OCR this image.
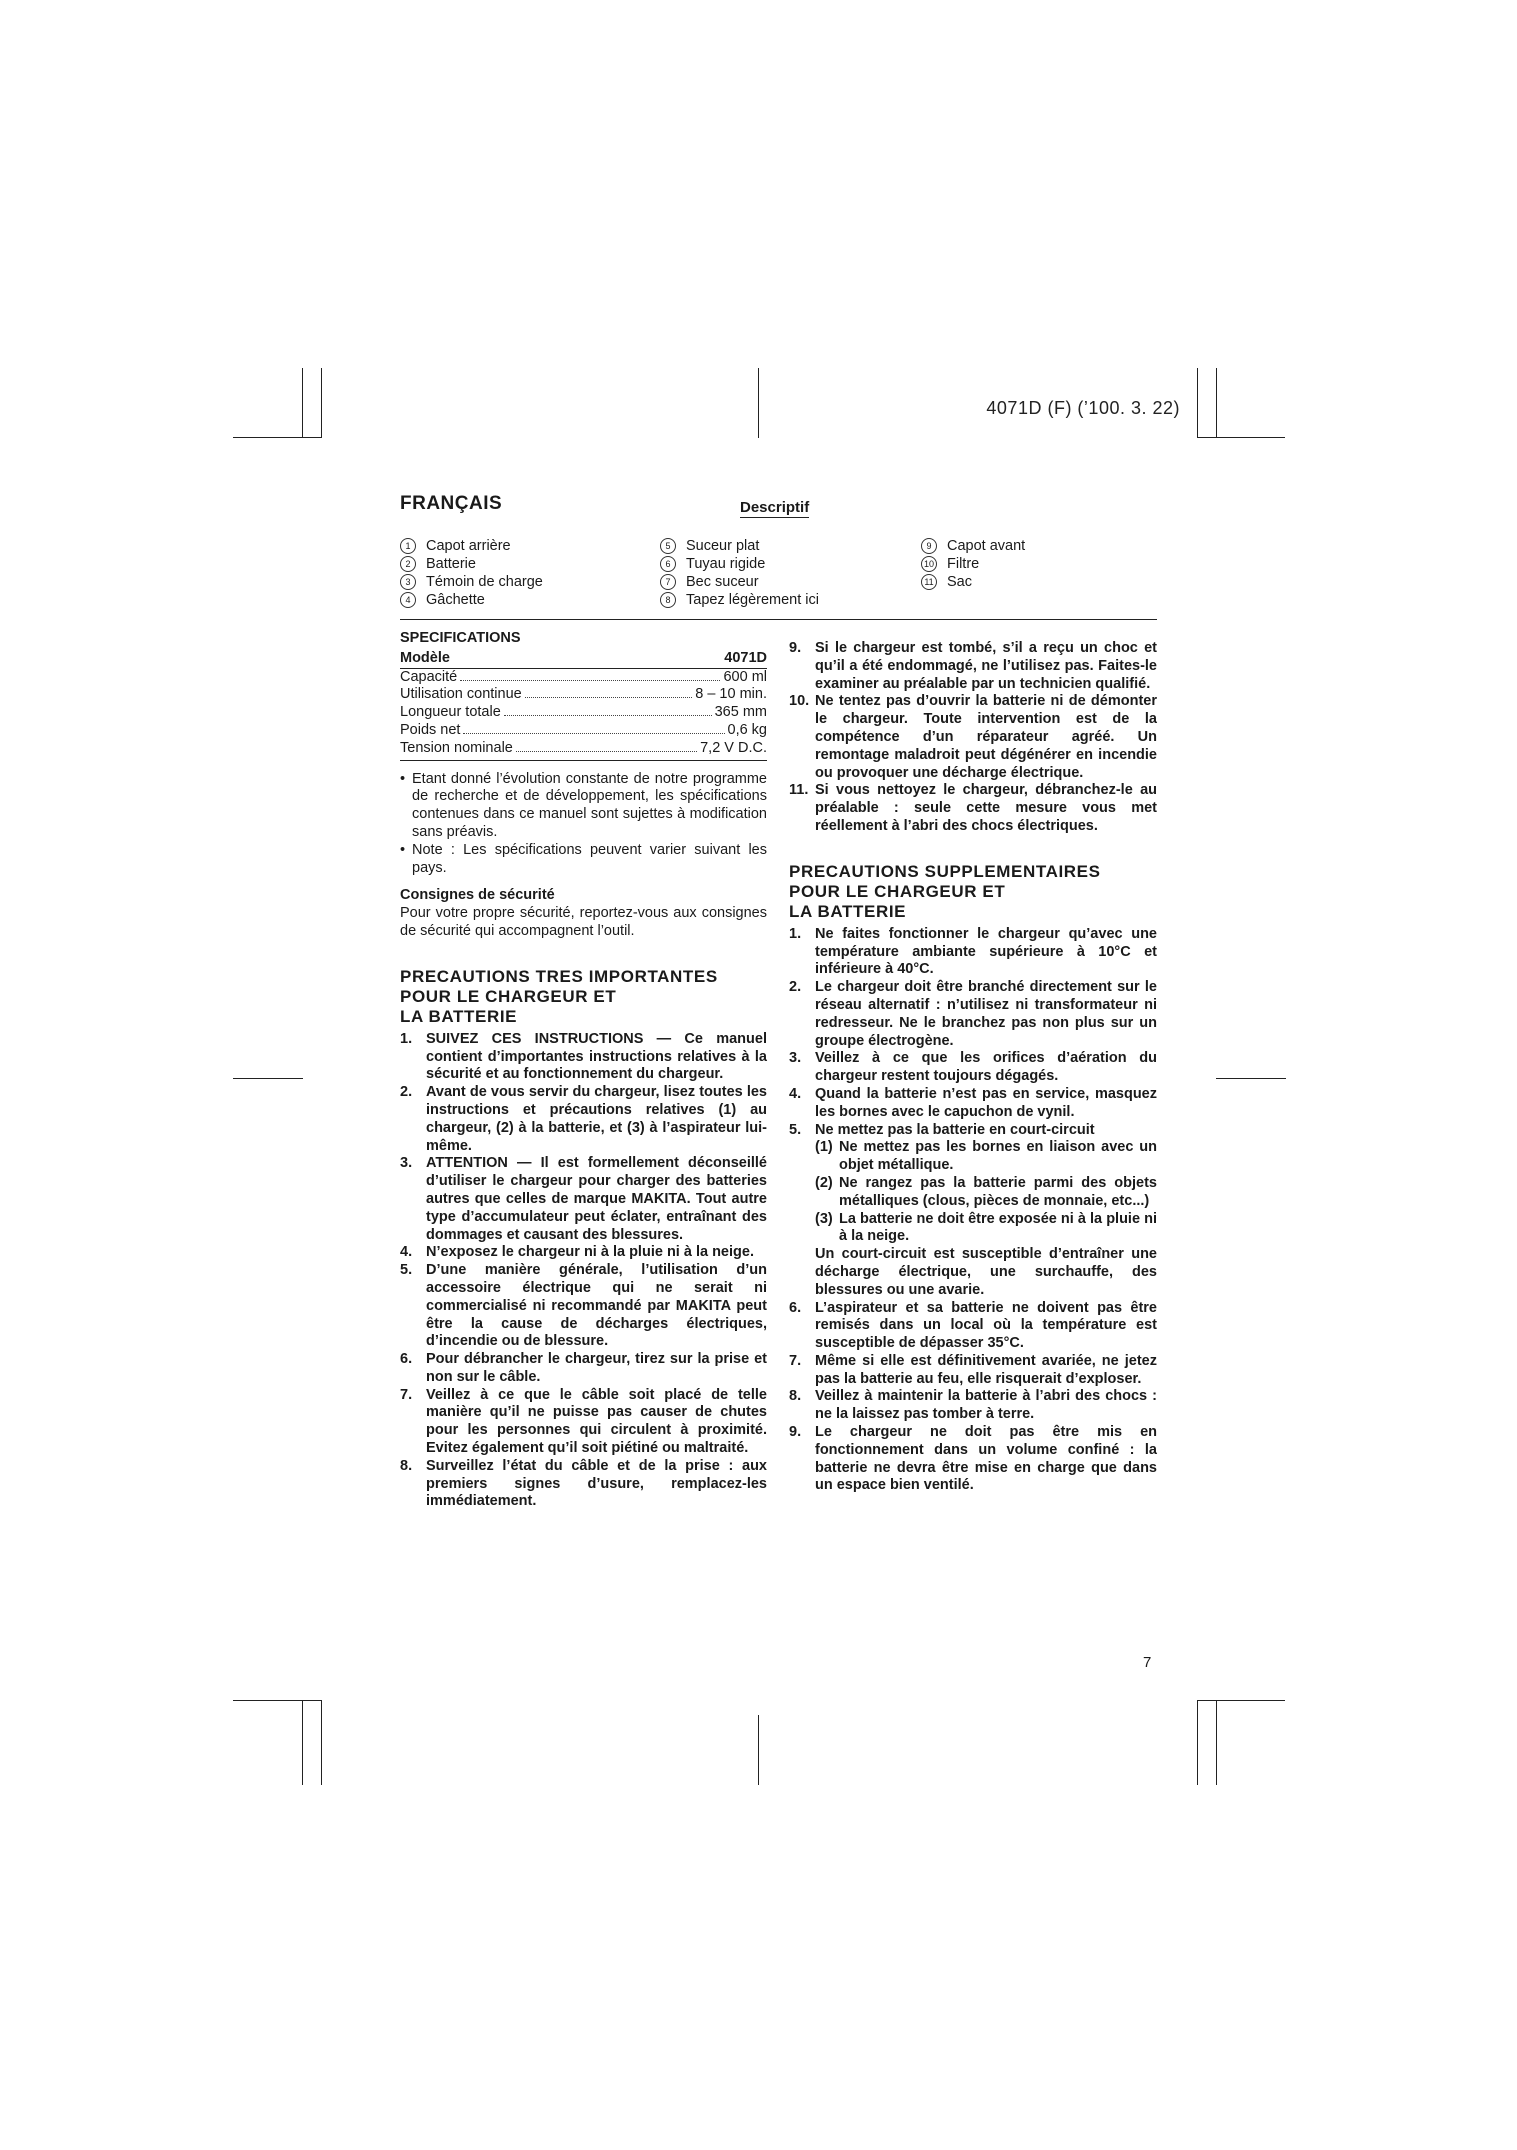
4071D (F) (’100. 3. 22)
FRANÇAIS	Descriptif
1 Capot arrière
2 Batterie
3 Témoin de charge
4 Gâchette
5 Suceur plat
6 Tuyau rigide
7 Bec suceur
8 Tapez légèrement ici
9 Capot avant
10 Filtre
11 Sac
SPECIFICATIONS
Modèle	4071D
Capacité	600 ml
Utilisation continue	8 – 10 min.
Longueur totale	365 mm
Poids net	0,6 kg
Tension nominale	7,2 V D.C.
• Etant donné l’évolution constante de notre programme de recherche et de développement, les spécifications contenues dans ce manuel sont sujettes à modification sans préavis.
• Note : Les spécifications peuvent varier suivant les pays.
Consignes de sécurité
Pour votre propre sécurité, reportez-vous aux consignes de sécurité qui accompagnent l’outil.
PRECAUTIONS TRES IMPORTANTES
POUR LE CHARGEUR ET
LA BATTERIE
1. SUIVEZ CES INSTRUCTIONS — Ce manuel contient d’importantes instructions relatives à la sécurité et au fonctionnement du chargeur.
2. Avant de vous servir du chargeur, lisez toutes les instructions et précautions relatives (1) au chargeur, (2) à la batterie, et (3) à l’aspirateur lui-même.
3. ATTENTION — Il est formellement déconseillé d’utiliser le chargeur pour charger des batteries autres que celles de marque MAKITA. Tout autre type d’accumulateur peut éclater, entraînant des dommages et causant des blessures.
4. N’exposez le chargeur ni à la pluie ni à la neige.
5. D’une manière générale, l’utilisation d’un accessoire électrique qui ne serait ni commercialisé ni recommandé par MAKITA peut être la cause de décharges électriques, d’incendie ou de blessure.
6. Pour débrancher le chargeur, tirez sur la prise et non sur le câble.
7. Veillez à ce que le câble soit placé de telle manière qu’il ne puisse pas causer de chutes pour les personnes qui circulent à proximité. Evitez également qu’il soit piétiné ou maltraité.
8. Surveillez l’état du câble et de la prise : aux premiers signes d’usure, remplacez-les immédiatement.
9. Si le chargeur est tombé, s’il a reçu un choc et qu’il a été endommagé, ne l’utilisez pas. Faites-le examiner au préalable par un technicien qualifié.
10. Ne tentez pas d’ouvrir la batterie ni de démonter le chargeur. Toute intervention est de la compétence d’un réparateur agréé. Un remontage maladroit peut dégénérer en incendie ou provoquer une décharge électrique.
11. Si vous nettoyez le chargeur, débranchez-le au préalable : seule cette mesure vous met réellement à l’abri des chocs électriques.
PRECAUTIONS SUPPLEMENTAIRES
POUR LE CHARGEUR ET
LA BATTERIE
1. Ne faites fonctionner le chargeur qu’avec une température ambiante supérieure à 10°C et inférieure à 40°C.
2. Le chargeur doit être branché directement sur le réseau alternatif : n’utilisez ni transformateur ni redresseur. Ne le branchez pas non plus sur un groupe électrogène.
3. Veillez à ce que les orifices d’aération du chargeur restent toujours dégagés.
4. Quand la batterie n’est pas en service, masquez les bornes avec le capuchon de vynil.
5. Ne mettez pas la batterie en court-circuit
(1) Ne mettez pas les bornes en liaison avec un objet métallique.
(2) Ne rangez pas la batterie parmi des objets métalliques (clous, pièces de monnaie, etc...)
(3) La batterie ne doit être exposée ni à la pluie ni à la neige.
Un court-circuit est susceptible d’entraîner une décharge électrique, une surchauffe, des blessures ou une avarie.
6. L’aspirateur et sa batterie ne doivent pas être remisés dans un local où la température est susceptible de dépasser 35°C.
7. Même si elle est définitivement avariée, ne jetez pas la batterie au feu, elle risquerait d’exploser.
8. Veillez à maintenir la batterie à l’abri des chocs : ne la laissez pas tomber à terre.
9. Le chargeur ne doit pas être mis en fonctionnement dans un volume confiné : la batterie ne devra être mise en charge que dans un espace bien ventilé.
7
